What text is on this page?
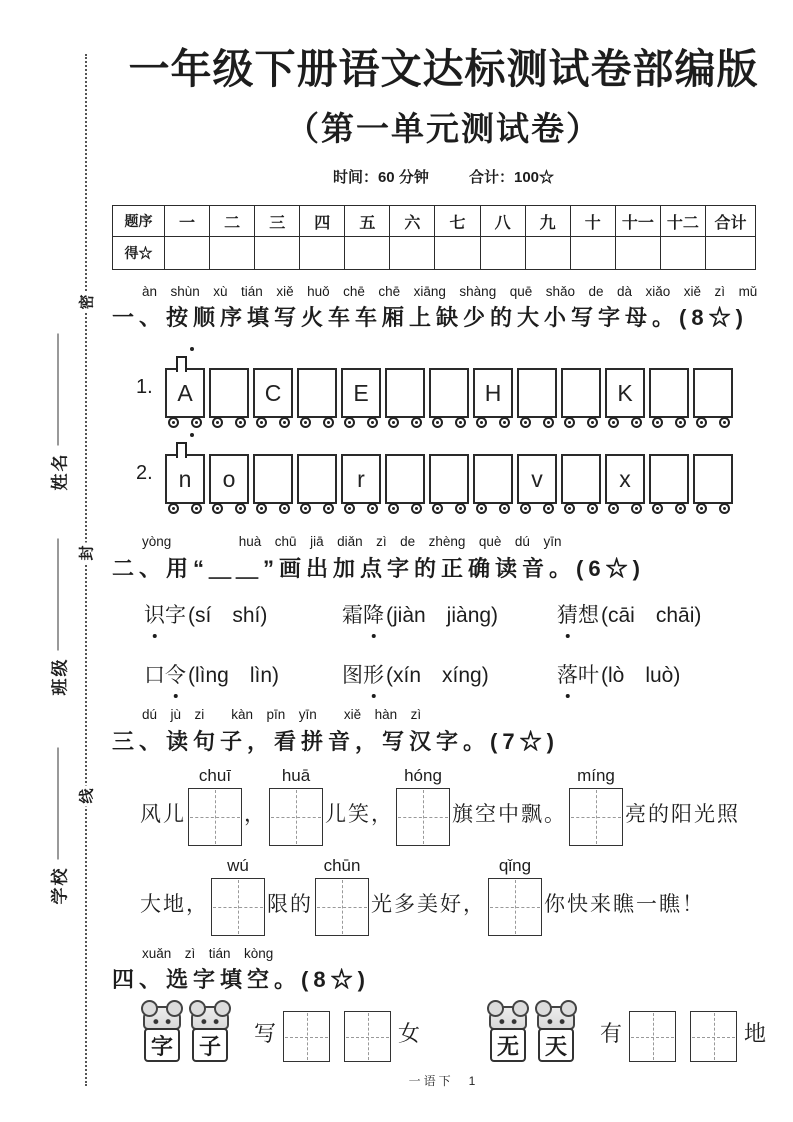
密
封
线
姓名
班级
学校
一年级下册语文达标测试卷部编版
（第一单元测试卷）
时间：60 分钟	合计：100☆
题序	一	二	三	四	五	六	七	八	九	十	十一	十二	合计
得☆													
àn  shùn  xù  tián  xiě  huǒ  chē  chē  xiāng  shàng  quē  shǎo  de  dà  xiǎo  xiě  zì  mǔ
一、按顺序填写火车车厢上缺少的大小写字母。(8☆)
1. A	C	E	H	K
2. n o	r	v	x
yòng　　　　　huà  chū  jiā  diǎn  zì  de  zhèng  què  dú  yīn
二、用“＿＿”画出加点字的正确读音。(6☆)
识字(sí　shí)	霜降(jiàn　jiàng)	猜想(cāi　chāi)
口令(lìng　lìn)	图形(xín　xíng)	落叶(lò　luò)
dú  jù  zi　　kàn  pīn  yīn　　xiě  hàn  zì
三、读句子，看拼音，写汉字。(7☆)
风儿
chuī
，
huā
儿笑，
hóng
旗空中飘。
míng
亮的阳光照
大地，
wú
限的
chūn
光多美好，
qǐng
你快来瞧一瞧！
xuǎn  zì  tián  kòng
四、选字填空。(8☆)
字	子	写	女	无	天	有	地
一语下　1
